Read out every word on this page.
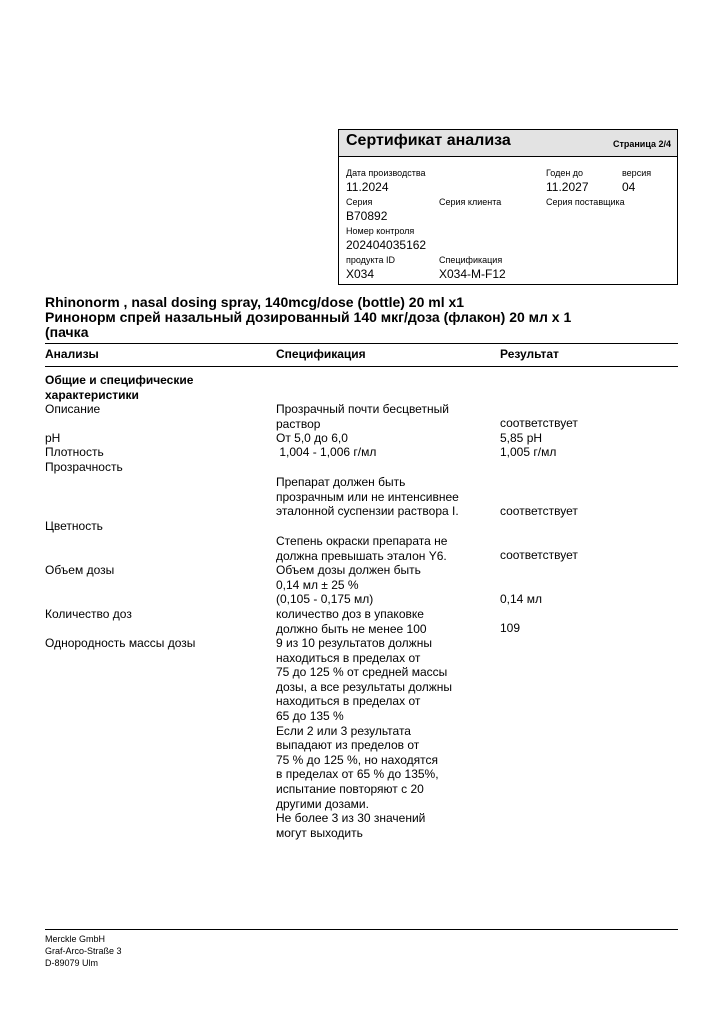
Сертификат анализа	Страница 2/4
Дата производства
11.2024
Годен до
11.2027
версия
04
Серия
B70892
Серия клиента	Серия поставщика
Номер контроля
202404035162
продукта ID
X034
Спецификация
X034-M-F12
Rhinonorm , nasal dosing spray, 140mcg/dose (bottle) 20 ml x1
Ринонорм спрей назальный дозированный 140 мкг/доза (флакон) 20 мл х 1
(пачка
Анализы	Спецификация	Результат
Общие и специфические
характеристики
Описание	Прозрачный почти бесцветный
раствор	соответствует
pH	От 5,0 до 6,0	5,85 pH
Плотность	1,004 - 1,006 г/мл	1,005 г/мл
Прозрачность
Препарат должен быть
прозрачным или не интенсивнее
эталонной суспензии раствора I.	соответствует
Цветность
Степень окраски препарата не
должна превышать эталон Y6.	соответствует
Объем дозы	Объем дозы должен быть
0,14 мл ± 25 %
(0,105 - 0,175 мл)	0,14 мл
Количество доз	количество доз в упаковке
должно быть не менее 100	109
Однородность массы дозы	9 из 10 результатов должны
находиться в пределах от
75 до 125 % от средней массы
дозы, а все результаты должны
находиться в пределах от
65 до 135 %
Если 2 или 3 результата
выпадают из пределов от
75 % до 125 %, но находятся
в пределах от 65 % до 135%,
испытание повторяют с 20
другими дозами.
Не более 3 из 30 значений
могут выходить
Merckle GmbH
Graf-Arco-Straße 3
D-89079 Ulm
